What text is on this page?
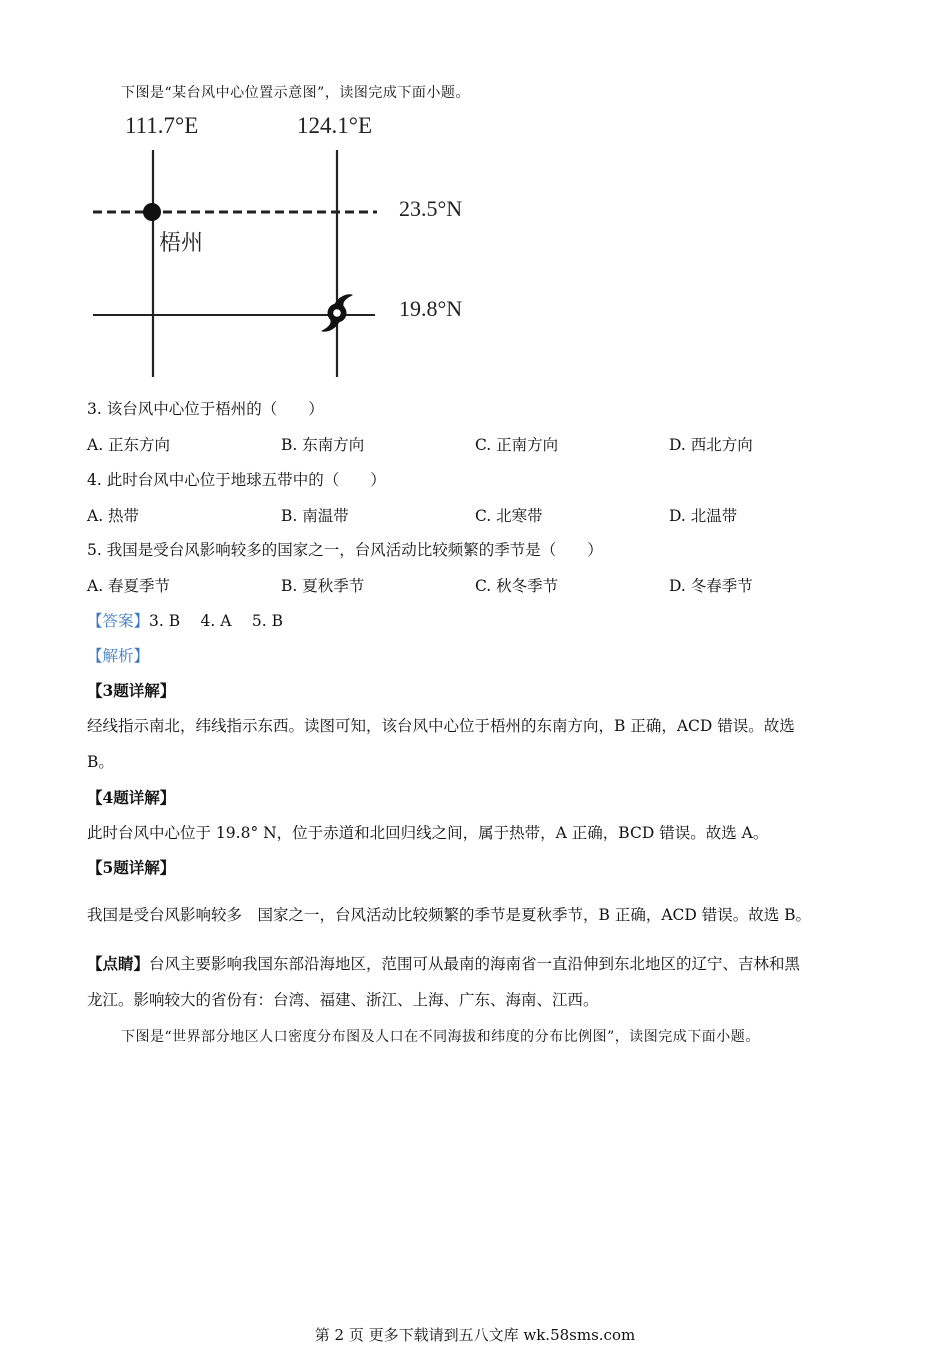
下图是“某台风中心位置示意图”，读图完成下面小题。
111.7°E	124.1°E
23.5°N
19.8°N
梧州
3. 该台风中心位于梧州的（　　）
A. 正东方向	B. 东南方向	C. 正南方向	D. 西北方向
4. 此时台风中心位于地球五带中的（　　）
A. 热带	B. 南温带	C. 北寒带	D. 北温带
5. 我国是受台风影响较多的国家之一，台风活动比较频繁的季节是（　　）
A. 春夏季节	B. 夏秋季节	C. 秋冬季节	D. 冬春季节
【答案】3. B　 4. A　 5. B
【解析】
【3题详解】
经线指示南北，纬线指示东西。读图可知，该台风中心位于梧州的东南方向，B 正确，ACD 错误。故选
B。
【4题详解】
此时台风中心位于 19.8° N，位于赤道和北回归线之间，属于热带，A 正确，BCD 错误。故选 A。
【5题详解】
我国是受台风影响较多　国家之一，台风活动比较频繁的季节是夏秋季节，B 正确，ACD 错误。故选 B。
【点睛】台风主要影响我国东部沿海地区，范围可从最南的海南省一直沿伸到东北地区的辽宁、吉林和黑
龙江。影响较大的省份有：台湾、福建、浙江、上海、广东、海南、江西。
下图是“世界部分地区人口密度分布图及人口在不同海拔和纬度的分布比例图”，读图完成下面小题。
第 2 页 更多下载请到五八文库 wk.58sms.com
